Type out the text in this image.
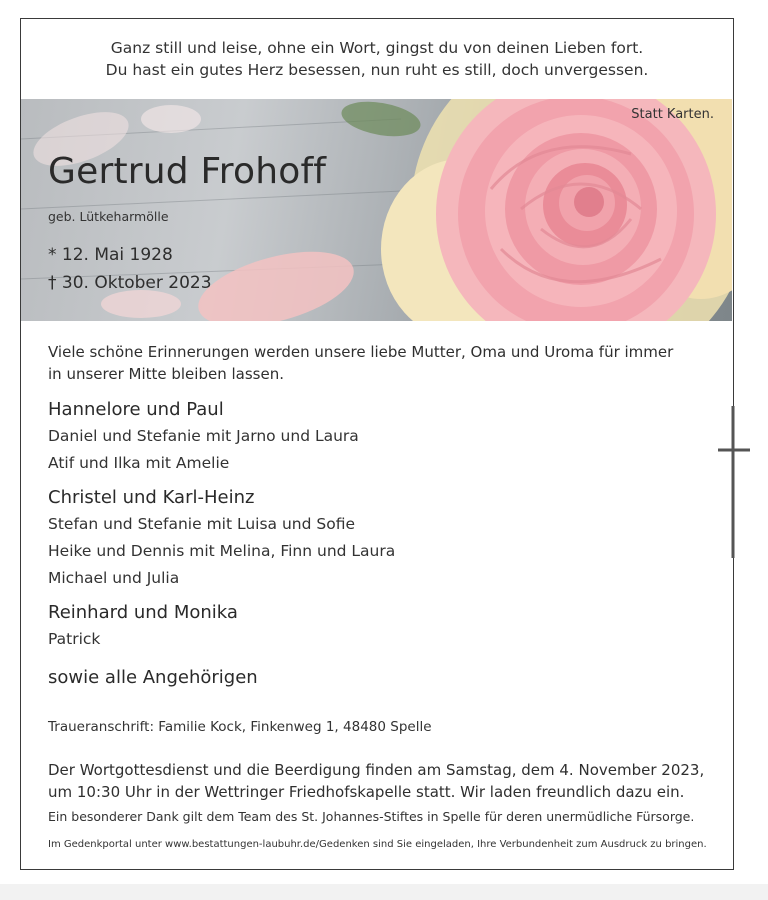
Ganz still und leise, ohne ein Wort, gingst du von deinen Lieben fort.
Du hast ein gutes Herz besessen, nun ruht es still, doch unvergessen.
Statt Karten.
Gertrud Frohoff
geb. Lütkeharmölle
* 12. Mai 1928
† 30. Oktober 2023
Viele schöne Erinnerungen werden unsere liebe Mutter, Oma und Uroma für immer
in unserer Mitte bleiben lassen.
Hannelore und Paul
Daniel und Stefanie mit Jarno und Laura
Atif und Ilka mit Amelie
Christel und Karl-Heinz
Stefan und Stefanie mit Luisa und Sofie
Heike und Dennis mit Melina, Finn und Laura
Michael und Julia
Reinhard und Monika
Patrick
sowie alle Angehörigen
Traueranschrift: Familie Kock, Finkenweg 1, 48480 Spelle
Der Wortgottesdienst und die Beerdigung finden am Samstag, dem 4. November 2023,
um 10:30 Uhr in der Wettringer Friedhofskapelle statt. Wir laden freundlich dazu ein.
Ein besonderer Dank gilt dem Team des St. Johannes-Stiftes in Spelle für deren unermüdliche Fürsorge.
Im Gedenkportal unter www.bestattungen-laubuhr.de/Gedenken sind Sie eingeladen, Ihre Verbundenheit zum Ausdruck zu bringen.
